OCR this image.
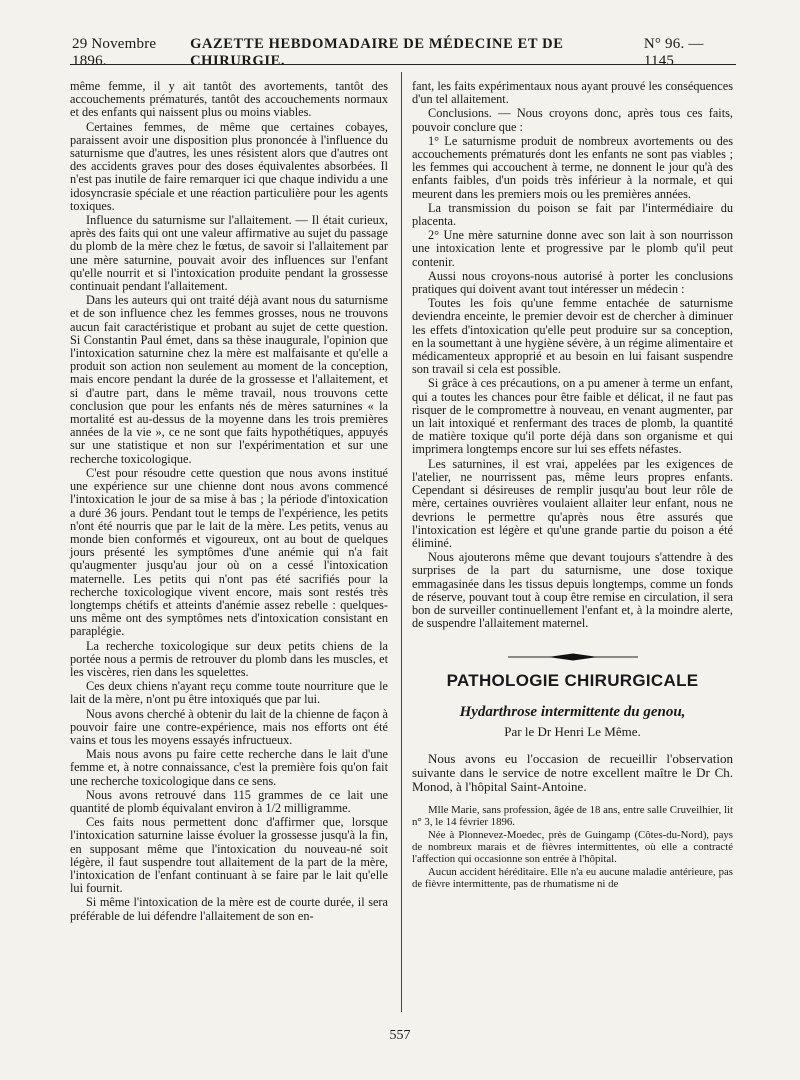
29 Novembre 1896.
GAZETTE HEBDOMADAIRE DE MÉDECINE ET DE CHIRURGIE.
N° 96. — 1145

même femme, il y ait tantôt des avortements, tantôt des accouchements prématurés, tantôt des accouchements normaux et des enfants qui naissent plus ou moins viables.

Certaines femmes, de même que certaines cobayes, paraissent avoir une disposition plus prononcée à l'influence du saturnisme que d'autres, les unes résistent alors que d'autres ont des accidents graves pour des doses équivalentes absorbées. Il n'est pas inutile de faire remarquer ici que chaque individu a une idosyncrasie spéciale et une réaction particulière pour les agents toxiques.

Influence du saturnisme sur l'allaitement. — Il était curieux, après des faits qui ont une valeur affirmative au sujet du passage du plomb de la mère chez le fœtus, de savoir si l'allaitement par une mère saturnine, pouvait avoir des influences sur l'enfant qu'elle nourrit et si l'intoxication produite pendant la grossesse continuait pendant l'allaitement.

Dans les auteurs qui ont traité déjà avant nous du saturnisme et de son influence chez les femmes grosses, nous ne trouvons aucun fait caractéristique et probant au sujet de cette question. Si Constantin Paul émet, dans sa thèse inaugurale, l'opinion que l'intoxication saturnine chez la mère est malfaisante et qu'elle a produit son action non seulement au moment de la conception, mais encore pendant la durée de la grossesse et l'allaitement, et si d'autre part, dans le même travail, nous trouvons cette conclusion que pour les enfants nés de mères saturnines « la mortalité est au-dessus de la moyenne dans les trois premières années de la vie », ce ne sont que faits hypothétiques, appuyés sur une statistique et non sur l'expérimentation et sur une recherche toxicologique.

C'est pour résoudre cette question que nous avons institué une expérience sur une chienne dont nous avons commencé l'intoxication le jour de sa mise à bas ; la période d'intoxication a duré 36 jours. Pendant tout le temps de l'expérience, les petits n'ont été nourris que par le lait de la mère. Les petits, venus au monde bien conformés et vigoureux, ont au bout de quelques jours présenté les symptômes d'une anémie qui n'a fait qu'augmenter jusqu'au jour où on a cessé l'intoxication maternelle. Les petits qui n'ont pas été sacrifiés pour la recherche toxicologique vivent encore, mais sont restés très longtemps chétifs et atteints d'anémie assez rebelle : quelques-uns même ont des symptômes nets d'intoxication consistant en paraplégie.

La recherche toxicologique sur deux petits chiens de la portée nous a permis de retrouver du plomb dans les muscles, et les viscères, rien dans les squelettes.

Ces deux chiens n'ayant reçu comme toute nourriture que le lait de la mère, n'ont pu être intoxiqués que par lui.

Nous avons cherché à obtenir du lait de la chienne de façon à pouvoir faire une contre-expérience, mais nos efforts ont été vains et tous les moyens essayés infructueux.

Mais nous avons pu faire cette recherche dans le lait d'une femme et, à notre connaissance, c'est la première fois qu'on fait une recherche toxicologique dans ce sens.

Nous avons retrouvé dans 115 grammes de ce lait une quantité de plomb équivalant environ à 1/2 milligramme.

Ces faits nous permettent donc d'affirmer que, lorsque l'intoxication saturnine laisse évoluer la grossesse jusqu'à la fin, en supposant même que l'intoxication du nouveau-né soit légère, il faut suspendre tout allaitement de la part de la mère, l'intoxication de l'enfant continuant à se faire par le lait qu'elle lui fournit.

Si même l'intoxication de la mère est de courte durée, il sera préférable de lui défendre l'allaitement de son en-

fant, les faits expérimentaux nous ayant prouvé les conséquences d'un tel allaitement.

Conclusions. — Nous croyons donc, après tous ces faits, pouvoir conclure que :

1° Le saturnisme produit de nombreux avortements ou des accouchements prématurés dont les enfants ne sont pas viables ; les femmes qui accouchent à terme, ne donnent le jour qu'à des enfants faibles, d'un poids très inférieur à la normale, et qui meurent dans les premiers mois ou les premières années.

La transmission du poison se fait par l'intermédiaire du placenta.

2° Une mère saturnine donne avec son lait à son nourrisson une intoxication lente et progressive par le plomb qu'il peut contenir.

Aussi nous croyons-nous autorisé à porter les conclusions pratiques qui doivent avant tout intéresser un médecin :

Toutes les fois qu'une femme entachée de saturnisme deviendra enceinte, le premier devoir est de chercher à diminuer les effets d'intoxication qu'elle peut produire sur sa conception, en la soumettant à une hygiène sévère, à un régime alimentaire et médicamenteux approprié et au besoin en lui faisant suspendre son travail si cela est possible.

Si grâce à ces précautions, on a pu amener à terme un enfant, qui a toutes les chances pour être faible et délicat, il ne faut pas risquer de le compromettre à nouveau, en venant augmenter, par un lait intoxiqué et renfermant des traces de plomb, la quantité de matière toxique qu'il porte déjà dans son organisme et qui imprimera longtemps encore sur lui ses effets néfastes.

Les saturnines, il est vrai, appelées par les exigences de l'atelier, ne nourrissent pas, même leurs propres enfants. Cependant si désireuses de remplir jusqu'au bout leur rôle de mère, certaines ouvrières voulaient allaiter leur enfant, nous ne devrions le permettre qu'après nous être assurés que l'intoxication est légère et qu'une grande partie du poison a été éliminé.

Nous ajouterons même que devant toujours s'attendre à des surprises de la part du saturnisme, une dose toxique emmagasinée dans les tissus depuis longtemps, comme un fonds de réserve, pouvant tout à coup être remise en circulation, il sera bon de surveiller continuellement l'enfant et, à la moindre alerte, de suspendre l'allaitement maternel.

PATHOLOGIE CHIRURGICALE
Hydarthrose intermittente du genou,
Par le Dr Henri Le Même.

Nous avons eu l'occasion de recueillir l'observation suivante dans le service de notre excellent maître le Dr Ch. Monod, à l'hôpital Saint-Antoine.

Mlle Marie, sans profession, âgée de 18 ans, entre salle Cruveilhier, lit n° 3, le 14 février 1896.

Née à Plonnevez-Moedec, près de Guingamp (Côtes-du-Nord), pays de nombreux marais et de fièvres intermittentes, où elle a contracté l'affection qui occasionne son entrée à l'hôpital.

Aucun accident héréditaire. Elle n'a eu aucune maladie antérieure, pas de fièvre intermittente, pas de rhumatisme ni de

557
